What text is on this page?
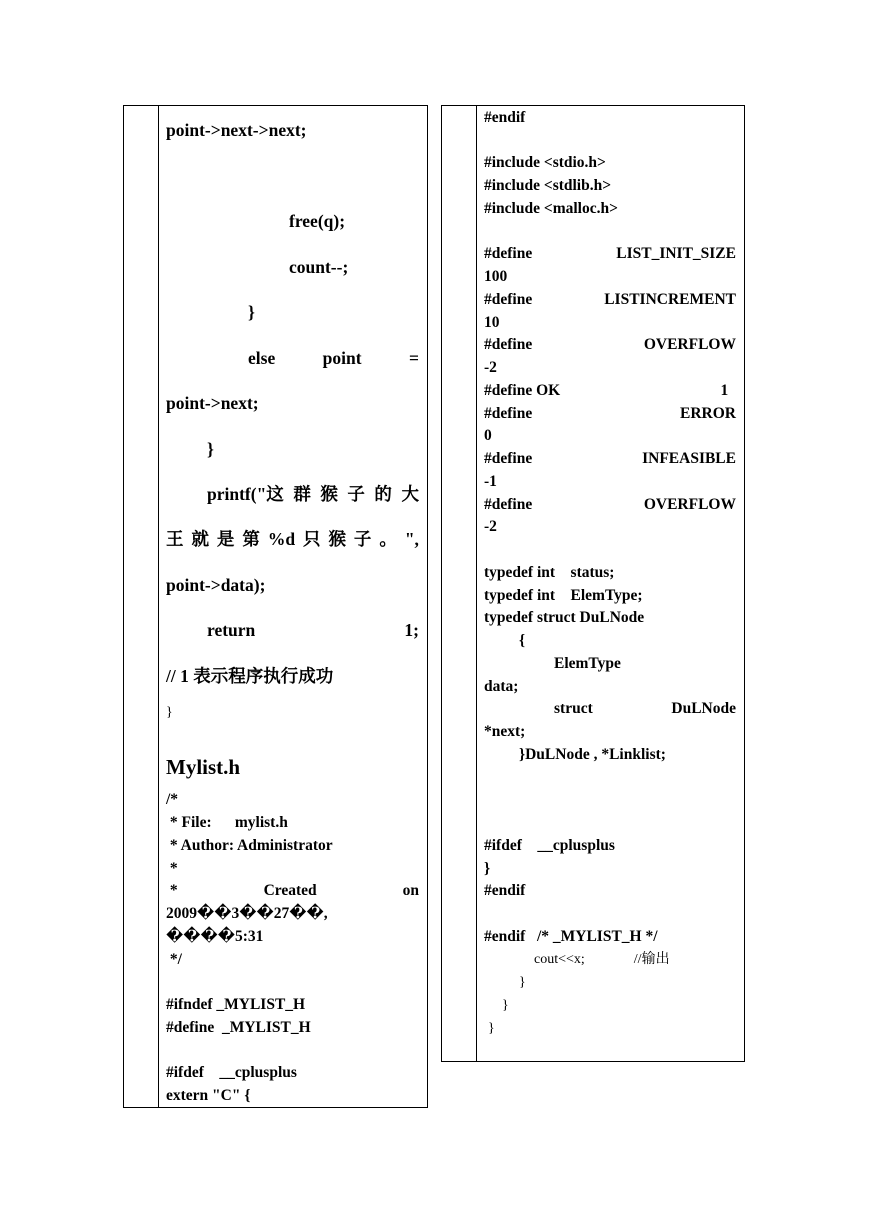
point->next->next;
free(q);
count--;
}
else	point	=
point->next;
}
printf("这 群 猴 子 的 大
王 就 是 第 %d 只 猴 子 。 ",
point->data);
return	1;
// 1 表示程序执行成功
}
Mylist.h
/*
* File:      mylist.h
* Author: Administrator
*
*	Created	on
2009��3��27��,
����5:31
*/
#ifndef _MYLIST_H
#define  _MYLIST_H
#ifdef    __cplusplus
extern "C" {
#endif
#include <stdio.h>
#include <stdlib.h>
#include <malloc.h>
#define	LIST_INIT_SIZE
100
#define	LISTINCREMENT
10
#define	OVERFLOW
-2
#define OK	1
#define	ERROR
0
#define	INFEASIBLE
-1
#define	OVERFLOW
-2
typedef int    status;
typedef int    ElemType;
typedef struct DuLNode
{
ElemType
data;
struct	DuLNode
*next;
}DuLNode , *Linklist;
#ifdef    __cplusplus
}
#endif
#endif   /* _MYLIST_H */
cout<<x;              //输出
}
}
}
